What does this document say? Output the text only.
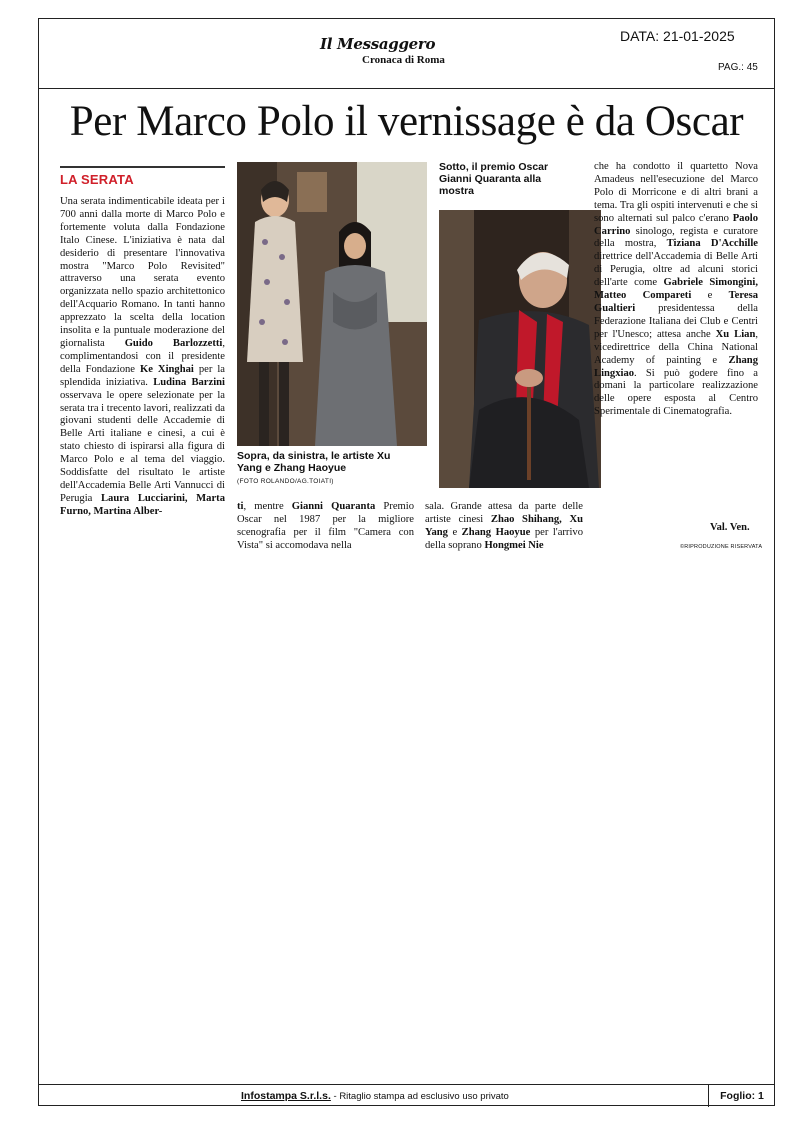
Il Messaggero
Cronaca di Roma
DATA: 21-01-2025
PAG.: 45
Per Marco Polo il vernissage è da Oscar
LA SERATA

Una serata indimenticabile ideata per i 700 anni dalla morte di Marco Polo e fortemente voluta dalla Fondazione Italo Cinese. L'iniziativa è nata dal desiderio di presentare l'innovativa mostra "Marco Polo Revisited" attraverso una serata evento organizzata nello spazio architettonico dell'Acquario Romano. In tanti hanno apprezzato la scelta della location insolita e la puntuale moderazione del giornalista Guido Barlozzetti, complimentandosi con il presidente della Fondazione Ke Xinghai per la splendida iniziativa. Ludina Barzini osservava le opere selezionate per la serata tra i trecento lavori, realizzati da giovani studenti delle Accademie di Belle Arti italiane e cinesi, a cui è stato chiesto di ispirarsi alla figura di Marco Polo e al tema del viaggio. Soddisfatte del risultato le artiste dell'Accademia Belle Arti Vannucci di Perugia Laura Lucciarini, Marta Furno, Martina Alber-

Sopra, da sinistra, le artiste Xu Yang e Zhang Haoyue
(FOTO ROLANDO/AG.TOIATI)
Sotto, il premio Oscar Gianni Quaranta alla mostra

ti, mentre Gianni Quaranta Premio Oscar nel 1987 per la migliore scenografia per il film "Camera con Vista" si accomodava nella

sala. Grande attesa da parte delle artiste cinesi Zhao Shihang, Xu Yang e Zhang Haoyue per l'arrivo della soprano Hongmei Nie

che ha condotto il quartetto Nova Amadeus nell'esecuzione del Marco Polo di Morricone e di altri brani a tema. Tra gli ospiti intervenuti e che si sono alternati sul palco c'erano Paolo Carrino sinologo, regista e curatore della mostra, Tiziana D'Acchille direttrice dell'Accademia di Belle Arti di Perugia, oltre ad alcuni storici dell'arte come Gabriele Simongini, Matteo Compareti e Teresa Gualtieri presidentessa della Federazione Italiana dei Club e Centri per l'Unesco; attesa anche Xu Lian, vicedirettrice della China National Academy of painting e Zhang Lingxiao. Si può godere fino a domani la particolare realizzazione delle opere esposta al Centro Sperimentale di Cinematografia.

Val. Ven.
©RIPRODUZIONE RISERVATA
Infostampa S.r.l.s. - Ritaglio stampa ad esclusivo uso privato	Foglio: 1
